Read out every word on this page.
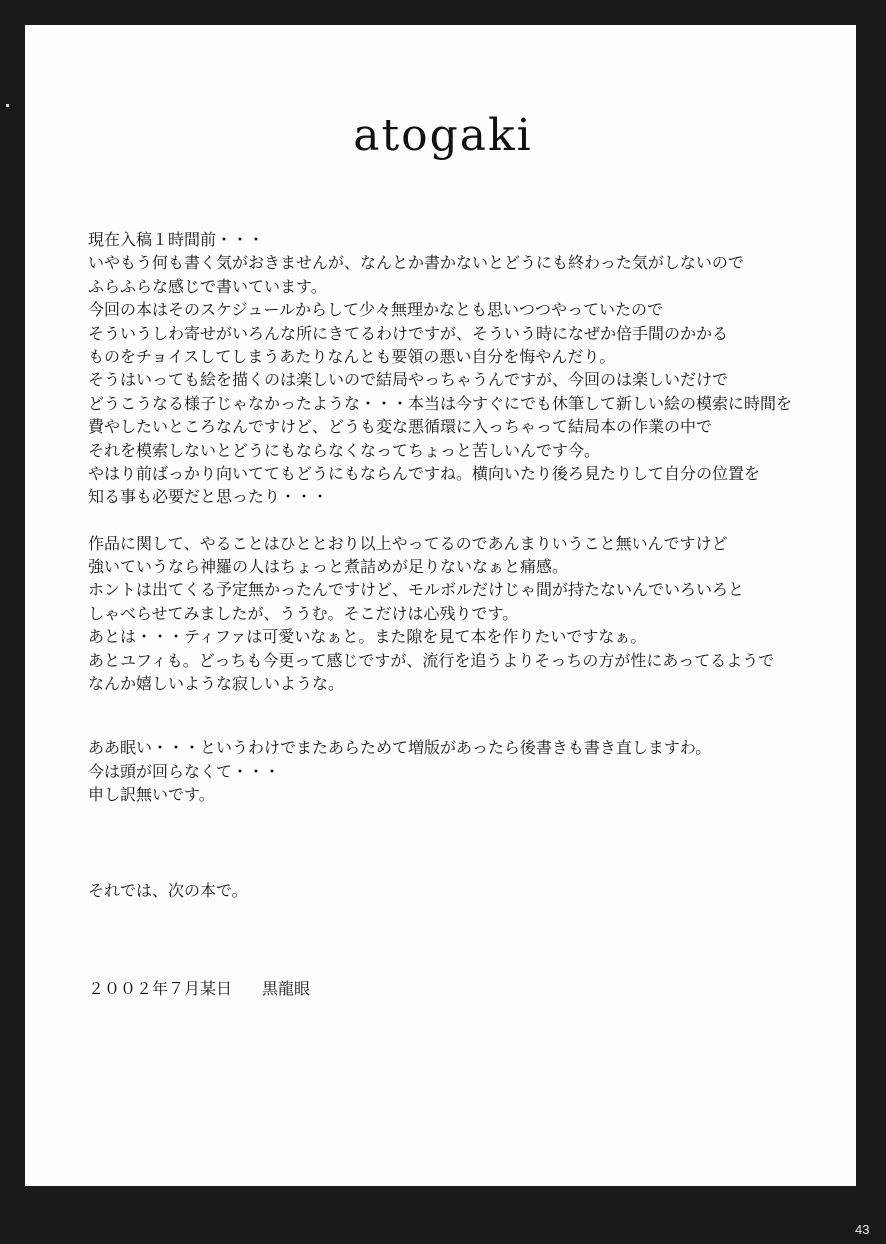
atogaki
現在入稿１時間前・・・
いやもう何も書く気がおきませんが、なんとか書かないとどうにも終わった気がしないので
ふらふらな感じで書いています。
今回の本はそのスケジュールからして少々無理かなとも思いつつやっていたので
そういうしわ寄せがいろんな所にきてるわけですが、そういう時になぜか倍手間のかかる
ものをチョイスしてしまうあたりなんとも要領の悪い自分を悔やんだり。
そうはいっても絵を描くのは楽しいので結局やっちゃうんですが、今回のは楽しいだけで
どうこうなる様子じゃなかったような・・・本当は今すぐにでも休筆して新しい絵の模索に時間を
費やしたいところなんですけど、どうも変な悪循環に入っちゃって結局本の作業の中で
それを模索しないとどうにもならなくなってちょっと苦しいんです今。
やはり前ばっかり向いててもどうにもならんですね。横向いたり後ろ見たりして自分の位置を
知る事も必要だと思ったり・・・
作品に関して、やることはひととおり以上やってるのであんまりいうこと無いんですけど
強いていうなら神羅の人はちょっと煮詰めが足りないなぁと痛感。
ホントは出てくる予定無かったんですけど、モルボルだけじゃ間が持たないんでいろいろと
しゃべらせてみましたが、ううむ。そこだけは心残りです。
あとは・・・ティファは可愛いなぁと。また隙を見て本を作りたいですなぁ。
あとユフィも。どっちも今更って感じですが、流行を追うよりそっちの方が性にあってるようで
なんか嬉しいような寂しいような。
ああ眠い・・・というわけでまたあらためて増版があったら後書きも書き直しますわ。
今は頭が回らなくて・・・
申し訳無いです。
それでは、次の本で。
２００２年７月某日 黒龍眼
43
